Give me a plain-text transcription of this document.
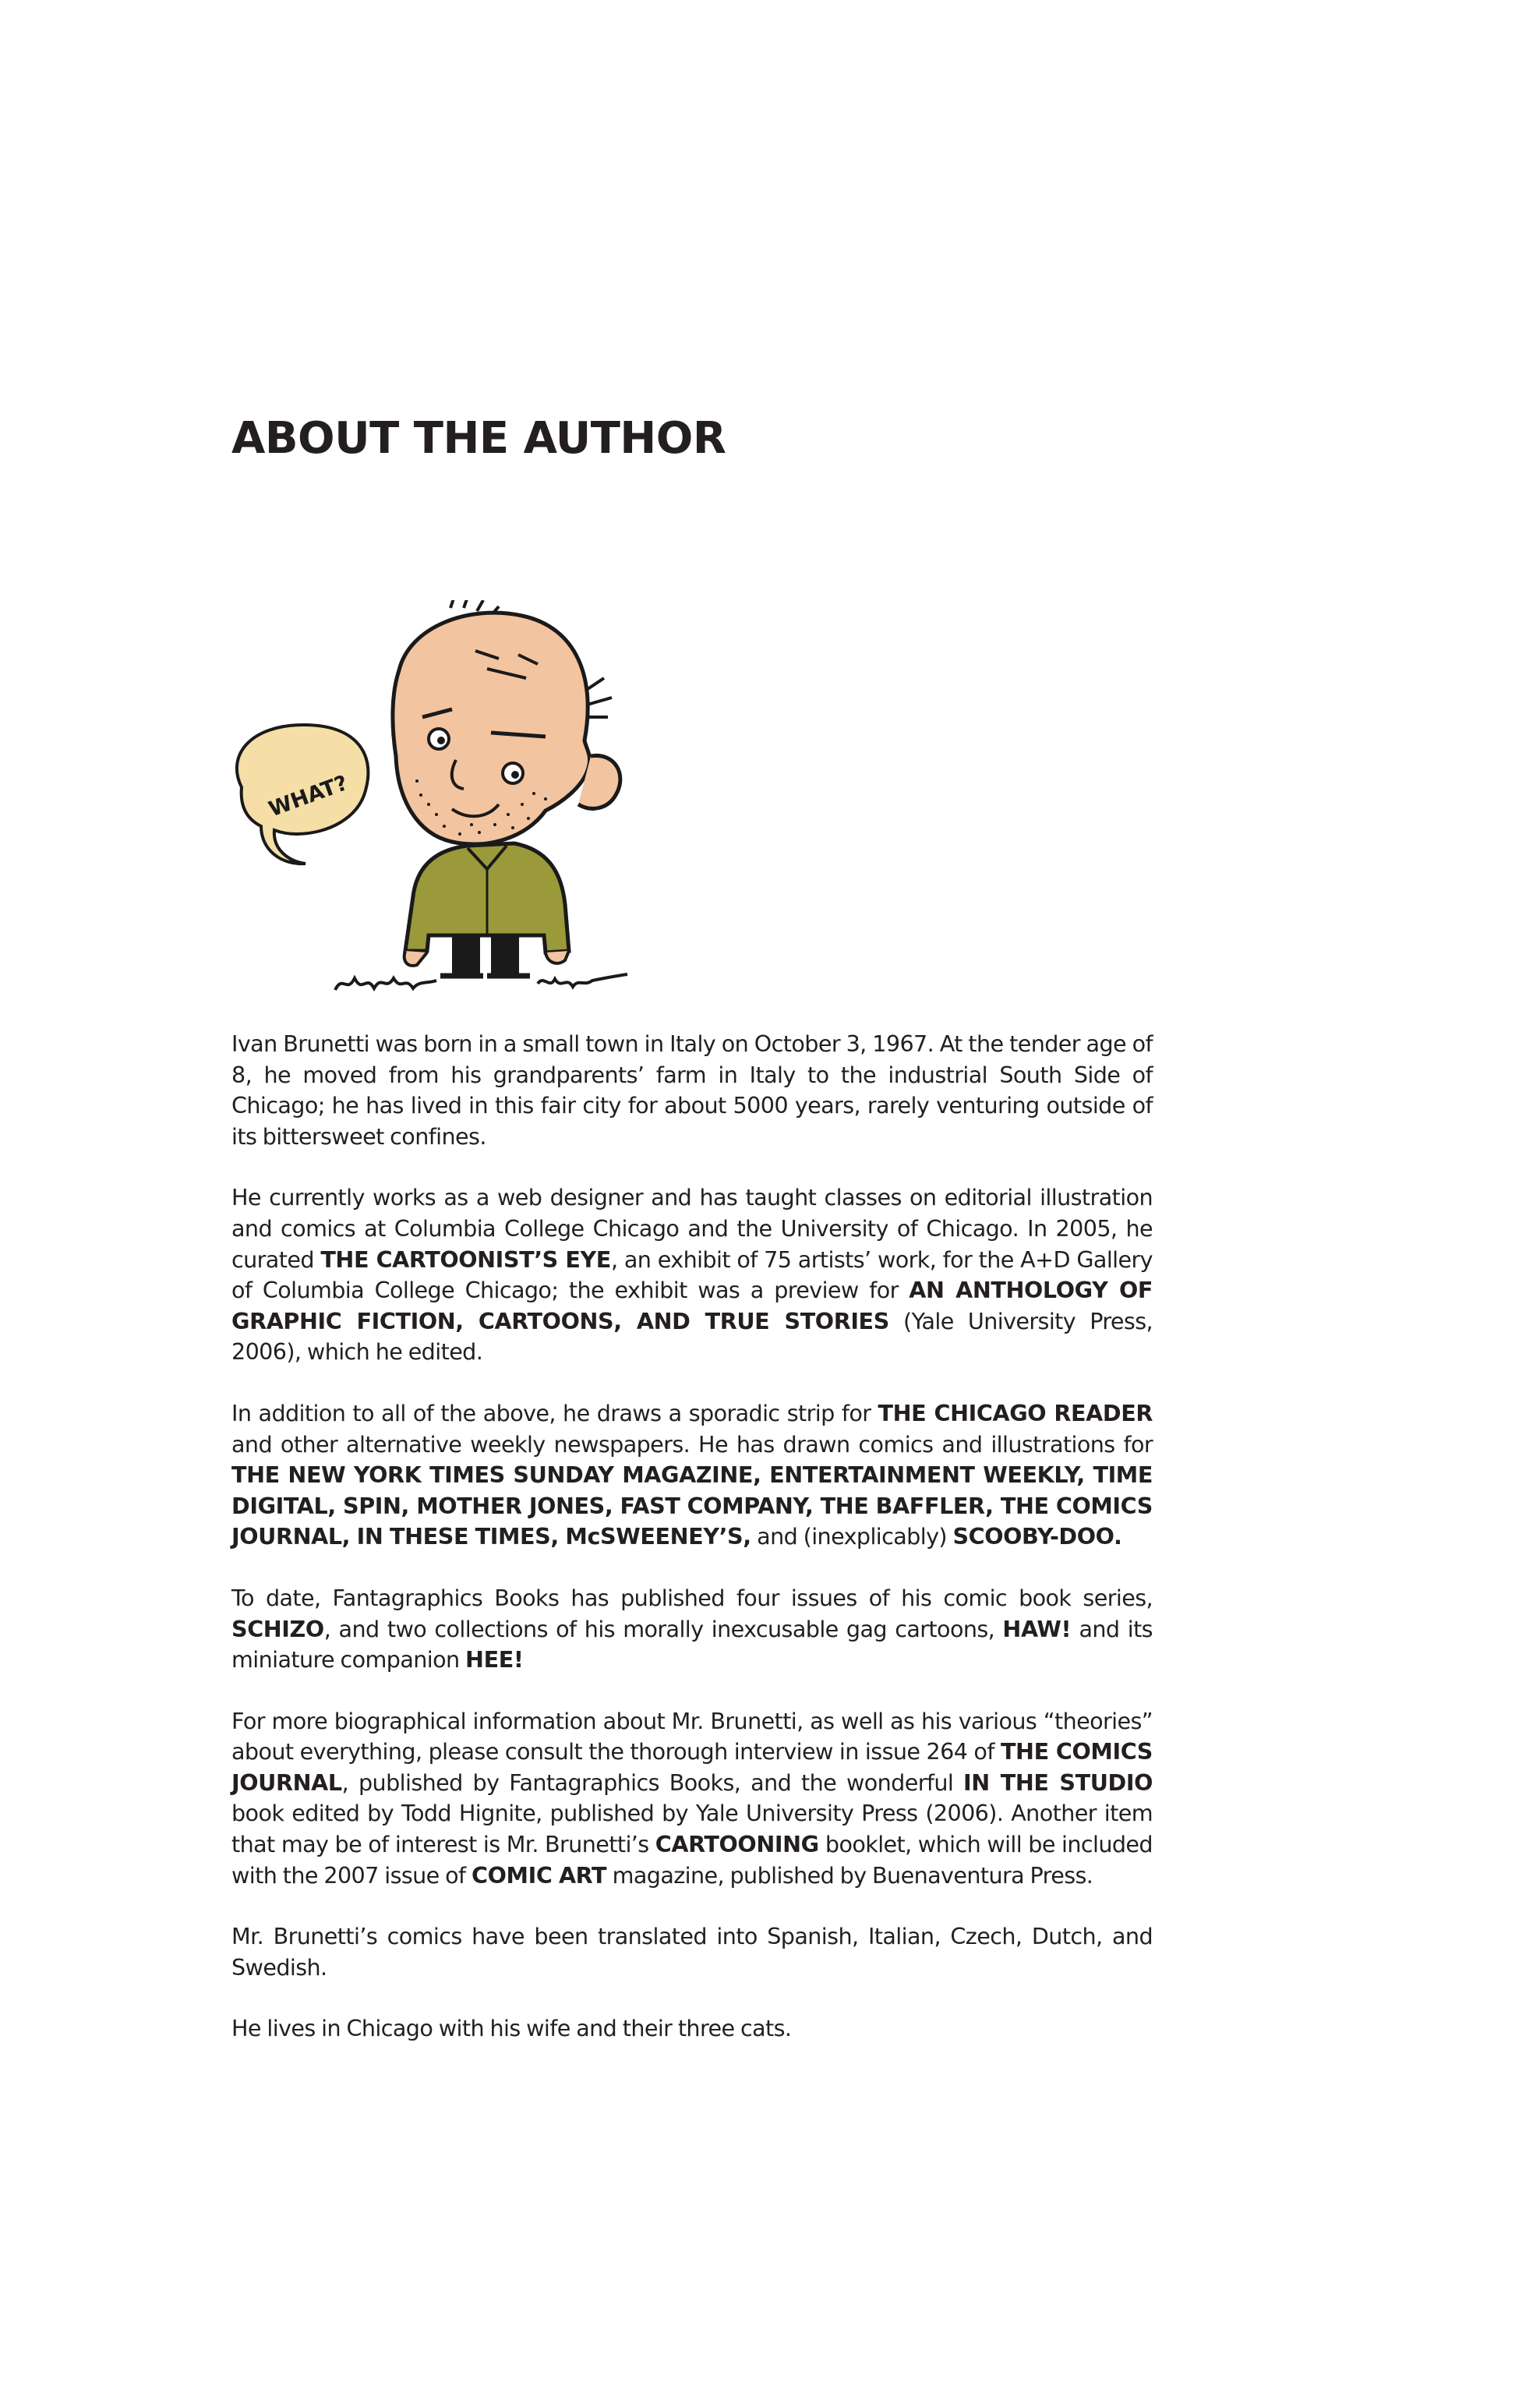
ABOUT THE AUTHOR
WHAT?

Ivan Brunetti was born in a small town in Italy on October 3, 1967. At the tender age of 8, he moved from his grandparents’ farm in Italy to the industrial South Side of Chicago; he has lived in this fair city for about 5000 years, rarely venturing outside of its bittersweet confines.

He currently works as a web designer and has taught classes on editorial illustration and comics at Columbia College Chicago and the University of Chicago. In 2005, he curated THE CARTOONIST’S EYE, an exhibit of 75 artists’ work, for the A+D Gallery of Columbia College Chicago; the exhibit was a preview for AN ANTHOLOGY OF GRAPHIC FICTION, CARTOONS, AND TRUE STORIES (Yale University Press, 2006), which he edited.

In addition to all of the above, he draws a sporadic strip for THE CHICAGO READER and other alternative weekly newspapers. He has drawn comics and illustrations for THE NEW YORK TIMES SUNDAY MAGAZINE, ENTERTAINMENT WEEKLY, TIME DIGITAL, SPIN, MOTHER JONES, FAST COMPANY, THE BAFFLER, THE COMICS JOURNAL, IN THESE TIMES, McSWEENEY’S, and (inexplicably) SCOOBY-DOO.

To date, Fantagraphics Books has published four issues of his comic book series, SCHIZO, and two collections of his morally inexcusable gag cartoons, HAW! and its miniature companion HEE!

For more biographical information about Mr. Brunetti, as well as his various “theories” about everything, please consult the thorough interview in issue 264 of THE COMICS JOURNAL, published by Fantagraphics Books, and the wonderful IN THE STUDIO book edited by Todd Hignite, published by Yale University Press (2006). Another item that may be of interest is Mr. Brunetti’s CARTOONING booklet, which will be included with the 2007 issue of COMIC ART magazine, published by Buenaventura Press.

Mr. Brunetti’s comics have been translated into Spanish, Italian, Czech, Dutch, and Swedish.

He lives in Chicago with his wife and their three cats.
